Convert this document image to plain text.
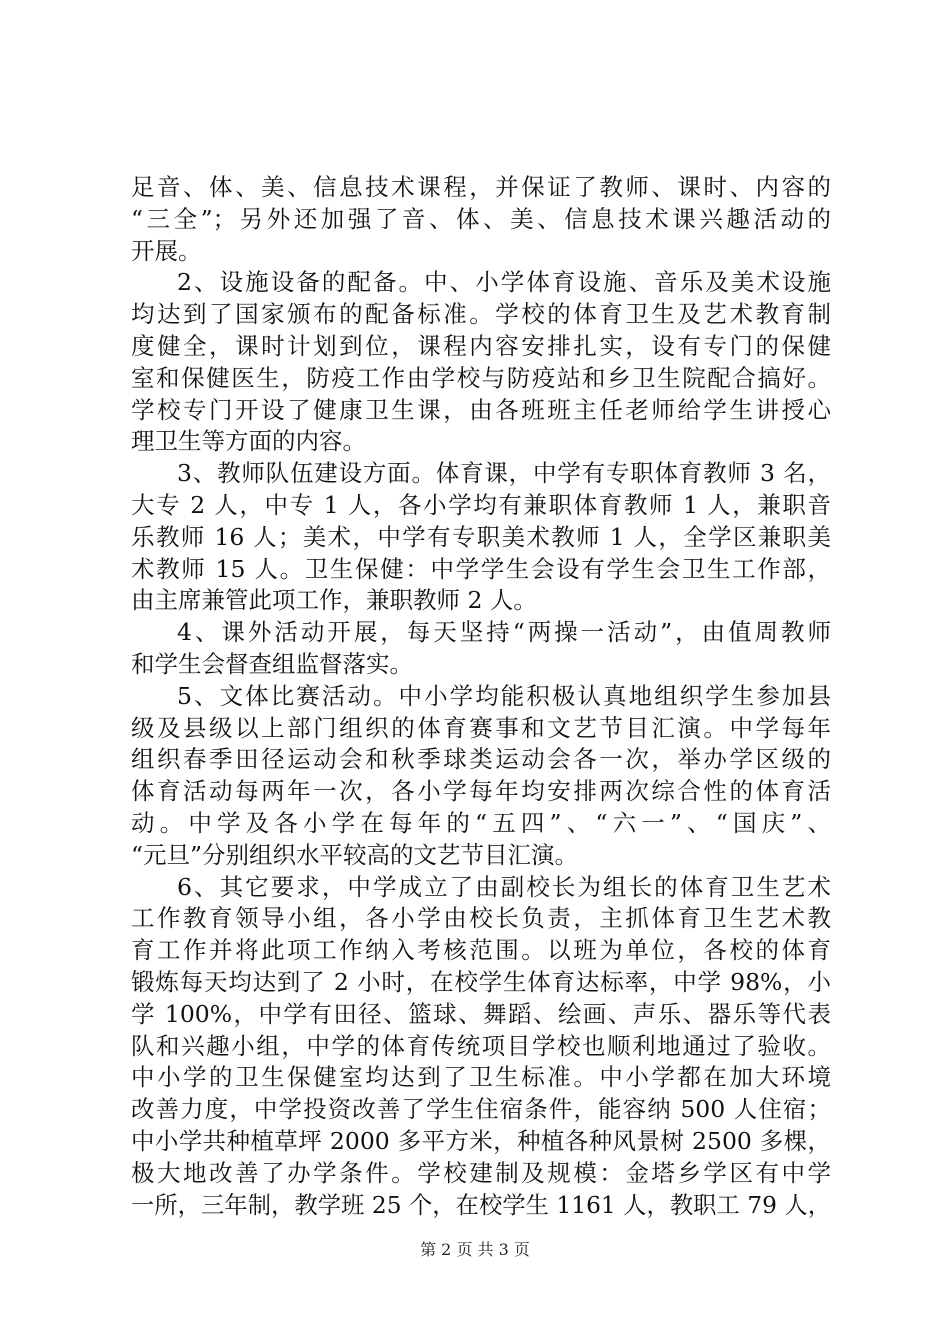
足音、体、美、信息技术课程，并保证了教师、课时、内容的
“三全”；另外还加强了音、体、美、信息技术课兴趣活动的
开展。
2、设施设备的配备。中、小学体育设施、音乐及美术设施
均达到了国家颁布的配备标准。学校的体育卫生及艺术教育制
度健全，课时计划到位，课程内容安排扎实，设有专门的保健
室和保健医生，防疫工作由学校与防疫站和乡卫生院配合搞好。
学校专门开设了健康卫生课，由各班班主任老师给学生讲授心
理卫生等方面的内容。
3、教师队伍建设方面。体育课，中学有专职体育教师 3 名，
大专 2 人，中专 1 人，各小学均有兼职体育教师 1 人，兼职音
乐教师 16 人；美术，中学有专职美术教师 1 人，全学区兼职美
术教师 15 人。卫生保健：中学学生会设有学生会卫生工作部，
由主席兼管此项工作，兼职教师 2 人。
4、课外活动开展，每天坚持“两操一活动”，由值周教师
和学生会督查组监督落实。
5、文体比赛活动。中小学均能积极认真地组织学生参加县
级及县级以上部门组织的体育赛事和文艺节目汇演。中学每年
组织春季田径运动会和秋季球类运动会各一次，举办学区级的
体育活动每两年一次，各小学每年均安排两次综合性的体育活
动。中学及各小学在每年的“五四”、“六一”、“国庆”、
“元旦”分别组织水平较高的文艺节目汇演。
6、其它要求，中学成立了由副校长为组长的体育卫生艺术
工作教育领导小组，各小学由校长负责，主抓体育卫生艺术教
育工作并将此项工作纳入考核范围。以班为单位，各校的体育
锻炼每天均达到了 2 小时，在校学生体育达标率，中学 98%，小
学 100%，中学有田径、篮球、舞蹈、绘画、声乐、器乐等代表
队和兴趣小组，中学的体育传统项目学校也顺利地通过了验收。
中小学的卫生保健室均达到了卫生标准。中小学都在加大环境
改善力度，中学投资改善了学生住宿条件，能容纳 500 人住宿；
中小学共种植草坪 2000 多平方米，种植各种风景树 2500 多棵，
极大地改善了办学条件。学校建制及规模：金塔乡学区有中学
一所，三年制，教学班 25 个，在校学生 1161 人，教职工 79 人，
第 2 页 共 3 页
